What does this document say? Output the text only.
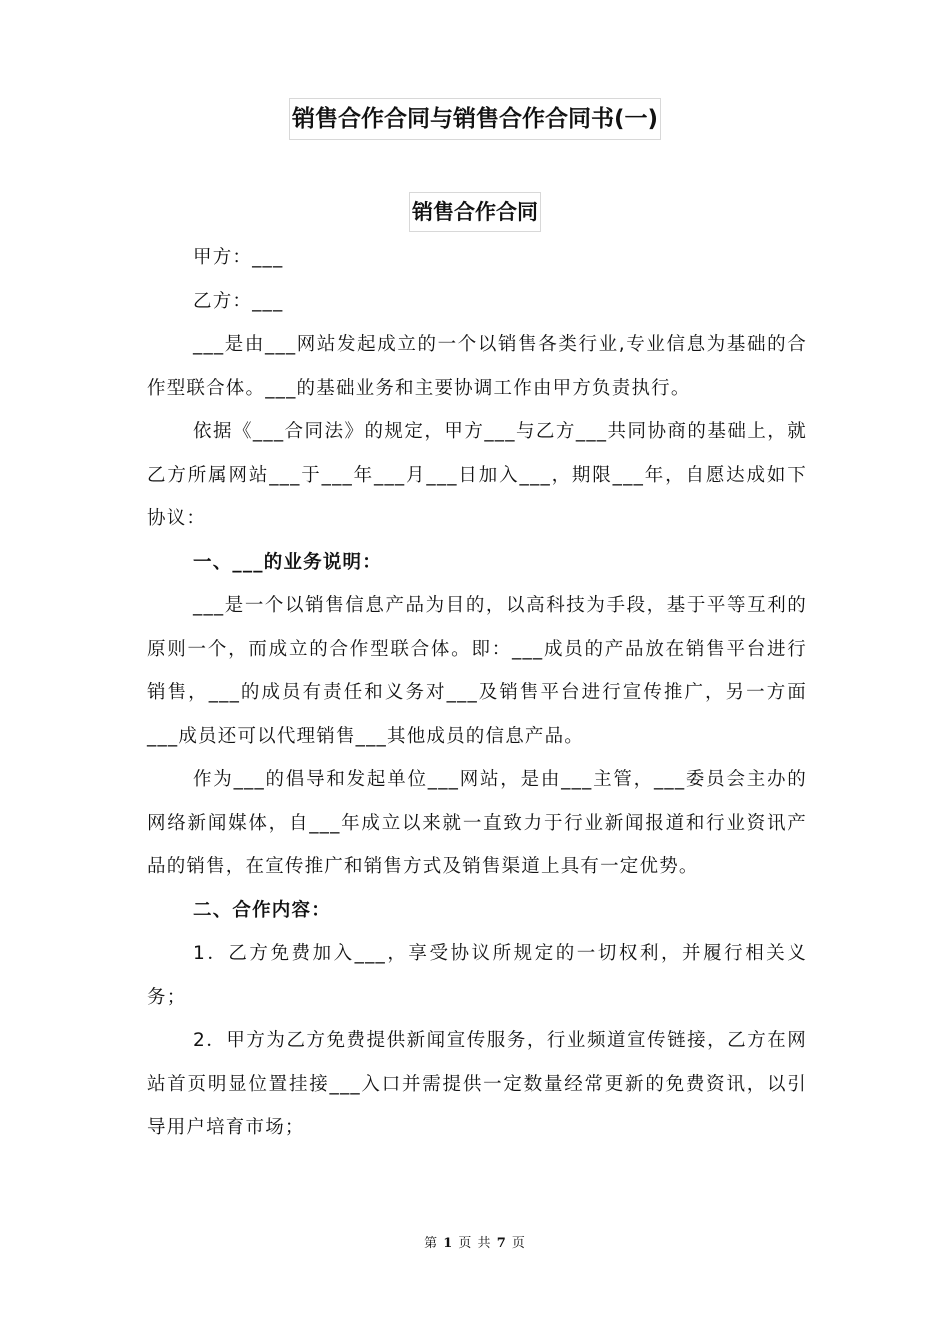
销售合作合同与销售合作合同书(一)
销售合作合同

甲方：___

乙方：___

___是由___网站发起成立的一个以销售各类行业,专业信息为基础的合作型联合体。___的基础业务和主要协调工作由甲方负责执行。

依据《___合同法》的规定，甲方___与乙方___共同协商的基础上，就乙方所属网站___于___年___月___日加入___，期限___年，自愿达成如下协议：

一、___的业务说明：

___是一个以销售信息产品为目的，以高科技为手段，基于平等互利的原则一个，而成立的合作型联合体。即：___成员的产品放在销售平台进行销售，___的成员有责任和义务对___及销售平台进行宣传推广，另一方面___成员还可以代理销售___其他成员的信息产品。

作为___的倡导和发起单位___网站，是由___主管，___委员会主办的网络新闻媒体，自___年成立以来就一直致力于行业新闻报道和行业资讯产品的销售，在宣传推广和销售方式及销售渠道上具有一定优势。

二、合作内容：

1．乙方免费加入___，享受协议所规定的一切权利，并履行相关义务；

2．甲方为乙方免费提供新闻宣传服务，行业频道宣传链接，乙方在网站首页明显位置挂接___入口并需提供一定数量经常更新的免费资讯，以引导用户培育市场；

第 1 页 共 7 页
